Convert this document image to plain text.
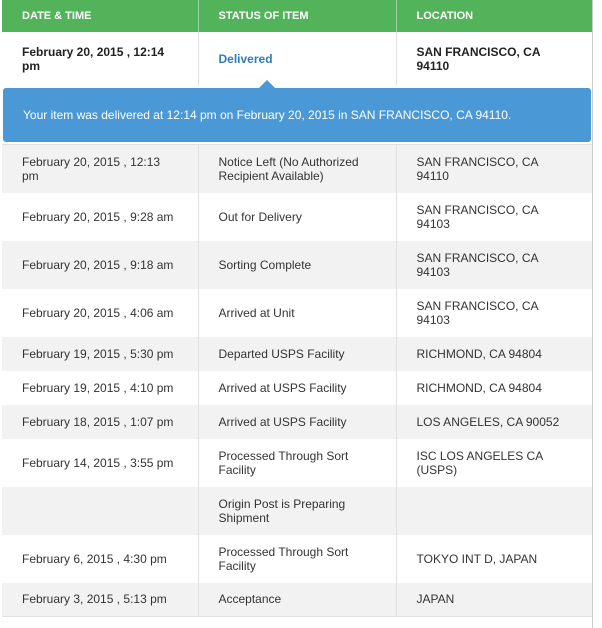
DATE & TIME	STATUS OF ITEM	LOCATION
February 20, 2015 , 12:14 pm	Delivered	SAN FRANCISCO, CA 94110

Your item was delivered at 12:14 pm on February 20, 2015 in SAN FRANCISCO, CA 94110.		

February 20, 2015 , 12:13 pm	Notice Left (No Authorized Recipient Available)	SAN FRANCISCO, CA 94110
February 20, 2015 , 9:28 am	Out for Delivery	SAN FRANCISCO, CA 94103
February 20, 2015 , 9:18 am	Sorting Complete	SAN FRANCISCO, CA 94103
February 20, 2015 , 4:06 am	Arrived at Unit	SAN FRANCISCO, CA 94103
February 19, 2015 , 5:30 pm	Departed USPS Facility	RICHMOND, CA 94804
February 19, 2015 , 4:10 pm	Arrived at USPS Facility	RICHMOND, CA 94804
February 18, 2015 , 1:07 pm	Arrived at USPS Facility	LOS ANGELES, CA 90052
February 14, 2015 , 3:55 pm	Processed Through Sort Facility	ISC LOS ANGELES CA (USPS)
	Origin Post is Preparing Shipment	
February 6, 2015 , 4:30 pm	Processed Through Sort Facility	TOKYO INT D, JAPAN
February 3, 2015 , 5:13 pm	Acceptance	JAPAN
